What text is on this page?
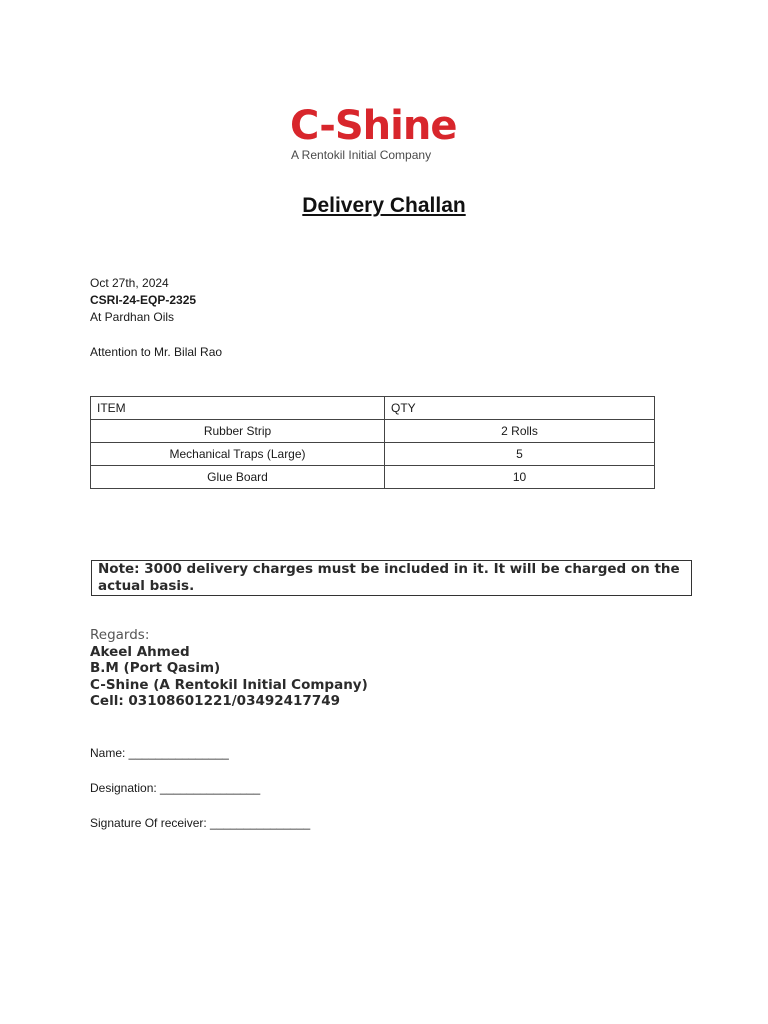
C-Shine
A Rentokil Initial Company
Delivery Challan
Oct 27th, 2024
CSRI-24-EQP-2325
At Pardhan Oils
Attention to Mr. Bilal Rao
ITEM	QTY
Rubber Strip	2 Rolls
Mechanical Traps (Large)	5
Glue Board	10
Note: 3000 delivery charges must be included in it. It will be charged on the actual basis.
Regards:
Akeel Ahmed
B.M (Port Qasim)
C-Shine (A Rentokil Initial Company)
Cell: 03108601221/03492417749
Name: _______________
Designation: _______________
Signature Of receiver: _______________
